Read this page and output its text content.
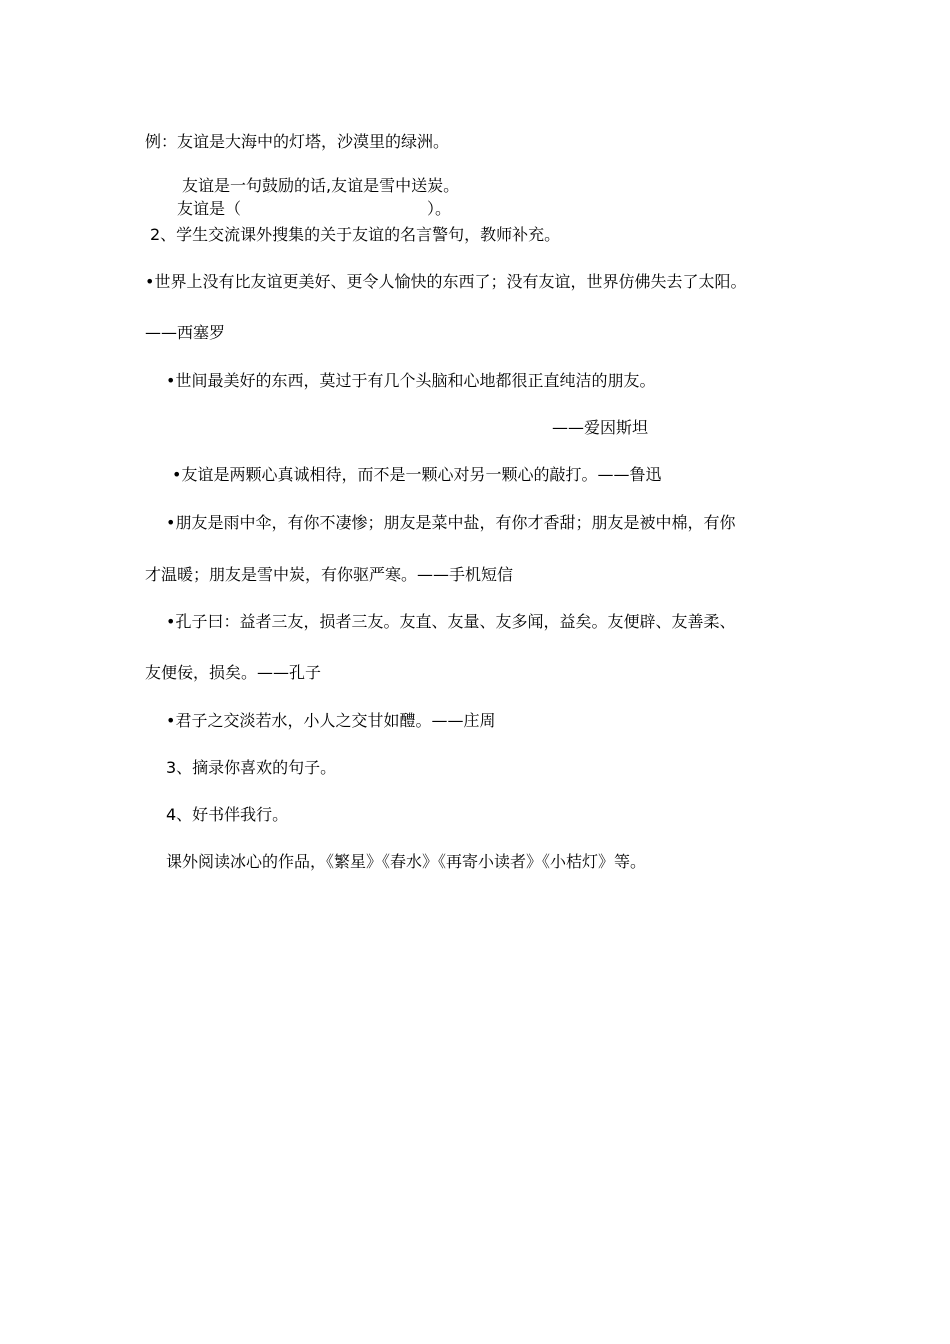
例：友谊是大海中的灯塔，沙漠里的绿洲。
友谊是一句鼓励的话,友谊是雪中送炭。
友谊是（	）。
2、学生交流课外搜集的关于友谊的名言警句，教师补充。
•世界上没有比友谊更美好、更令人愉快的东西了；没有友谊，世界仿佛失去了太阳。
——西塞罗
•世间最美好的东西，莫过于有几个头脑和心地都很正直纯洁的朋友。
——爱因斯坦
•友谊是两颗心真诚相待，而不是一颗心对另一颗心的敲打。——鲁迅
•朋友是雨中伞，有你不凄惨；朋友是菜中盐，有你才香甜；朋友是被中棉，有你
才温暖；朋友是雪中炭，有你驱严寒。——手机短信
•孔子曰：益者三友，损者三友。友直、友量、友多闻，益矣。友便辟、友善柔、
友便佞，损矣。——孔子
•君子之交淡若水，小人之交甘如醴。——庄周
3、摘录你喜欢的句子。
4、好书伴我行。
课外阅读冰心的作品，《繁星》《春水》《再寄小读者》《小桔灯》等。
